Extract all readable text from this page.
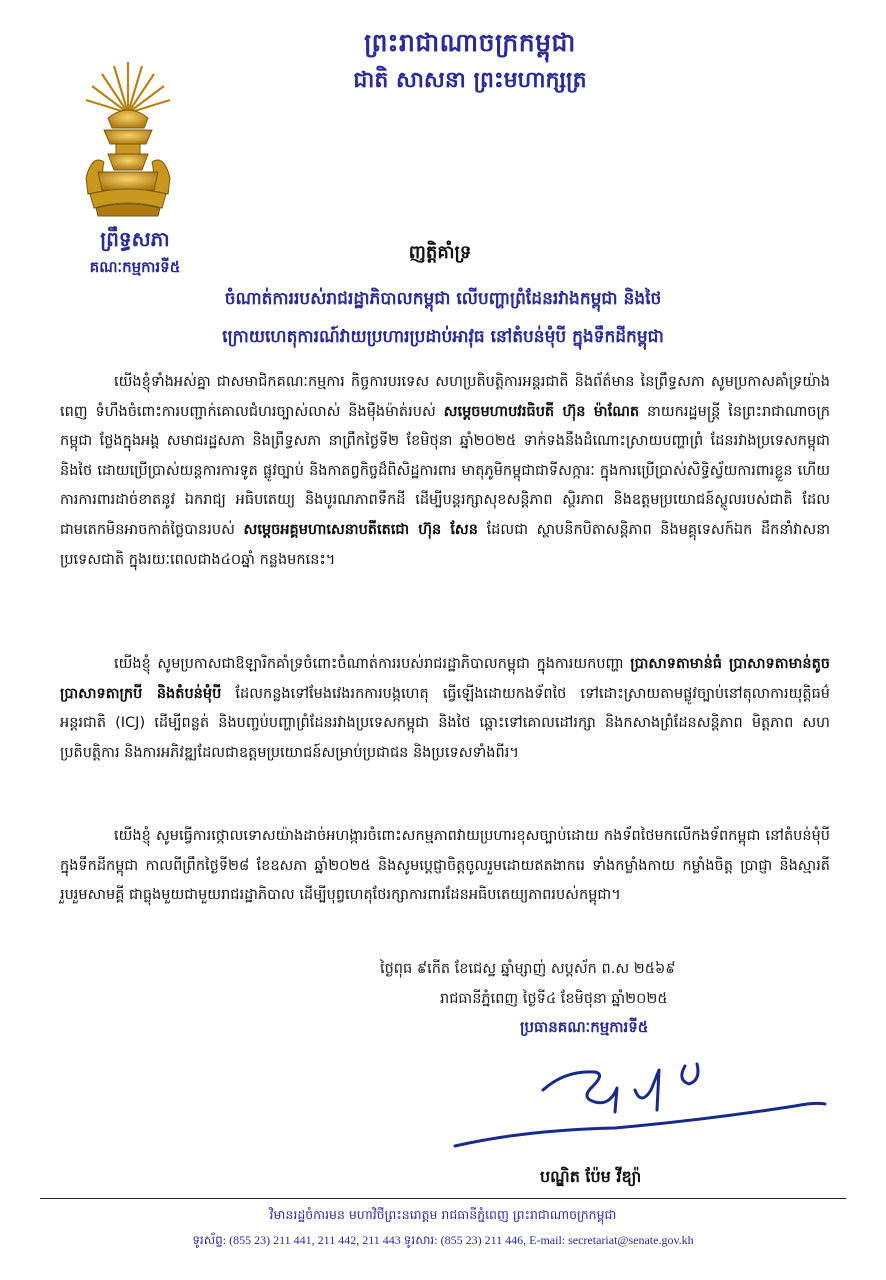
ព្រះរាជាណាចក្រកម្ពុជា
ជាតិ សាសនា ព្រះមហាក្សត្រ
ព្រឹទ្ធសភា
គណៈកម្មការទី៥
ញត្តិគាំទ្រ
ចំណាត់ការរបស់រាជរដ្ឋាភិបាលកម្ពុជា លើបញ្ហាព្រំដែនរវាងកម្ពុជា និងថៃ
ក្រោយហេតុការណ៍វាយប្រហារប្រដាប់អាវុធ នៅតំបន់មុំបី ក្នុងទឹកដីកម្ពុជា
យើងខ្ញុំទាំងអស់គ្នា ជាសមាជិកគណៈកម្មការ កិច្ចការបរទេស សហប្រតិបត្តិការអន្តរជាតិ និងព័ត៌មាន នៃព្រឹទ្ធសភា សូមប្រកាសគាំទ្រយ៉ាងពេញ ទំហឹងចំពោះការបញ្ជាក់គោលជំហរច្បាស់លាស់ និងម៉ឺងម៉ាត់របស់ សម្តេចមហាបវរធិបតី ហ៊ុន ម៉ាណែត នាយករដ្ឋមន្ត្រី នៃព្រះរាជាណាចក្រកម្ពុជា ថ្លែងក្នុងអង្គ សមាជរដ្ឋសភា និងព្រឹទ្ធសភា នាព្រឹកថ្ងៃទី២ ខែមិថុនា ឆ្នាំ២០២៥ ទាក់ទងនឹងដំណោះស្រាយបញ្ហាព្រំ ដែនរវាងប្រទេសកម្ពុជា និងថៃ ដោយប្រើប្រាស់យន្តការការទូត ផ្លូវច្បាប់ និងកាតព្វកិច្ចដ៏ពិសិដ្ឋការពារ មាតុភូមិកម្ពុជាជាទីសក្ការៈ ក្នុងការប្រើប្រាស់សិទ្ធិស្វ័យការពារខ្លួន ហើយការការពារដាច់ខាតនូវ ឯករាជ្យ អធិបតេយ្យ និងបូរណភាពទឹកដី ដើម្បីបន្តរក្សាសុខសន្តិភាព ស្ថិរភាព និងឧត្តមប្រយោជន៍ស្ថូលរបស់ជាតិ ដែលជាមតេកមិនអាចកាត់ថ្លៃបានរបស់ សម្តេចអគ្គមហាសេនាបតីតេជោ ហ៊ុន សែន ដែលជា ស្ថាបនិកបិតាសន្តិភាព និងមគ្គុទេសក៍ឯក ដឹកនាំវាសនាប្រទេសជាតិ ក្នុងរយៈពេលជាង៤០ឆ្នាំ កន្លងមកនេះ។
យើងខ្ញុំ សូមប្រកាសជាឱឡារិកគាំទ្រចំពោះចំណាត់ការរបស់រាជរដ្ឋាភិបាលកម្ពុជា ក្នុងការយកបញ្ហា ប្រាសាទតាមាន់ធំ ប្រាសាទតាមាន់តូច ប្រាសាទតាក្របី និងតំបន់មុំបី ដែលកន្លងទៅមែងវេងរកការបង្កហេតុ ធ្វើឡើងដោយកងទ័ពថៃ ទៅដោះស្រាយតាមផ្លូវច្បាប់នៅតុលាការយុត្តិធម៌អន្តរជាតិ (ICJ) ដើម្បីពន្លត់ និងបញ្ចប់បញ្ហាព្រំដែនរវាងប្រទេសកម្ពុជា និងថៃ ឆ្ពោះទៅគោលដៅរក្សា និងកសាងព្រំដែនសន្តិភាព មិត្តភាព សហប្រតិបត្តិការ និងការអភិវឌ្ឍដែលជាឧត្តមប្រយោជន៍សម្រាប់ប្រជាជន និងប្រទេសទាំងពីរ។
យើងខ្ញុំ សូមធ្វើការថ្កោលទោសយ៉ាងដាច់អហង្ការចំពោះសកម្មភាពវាយប្រហារខុសច្បាប់ដោយ កងទ័ពថៃមកលើកងទ័ពកម្ពុជា នៅតំបន់មុំបីក្នុងទឹកដីកម្ពុជា កាលពីព្រឹកថ្ងៃទី២៨ ខែឧសភា ឆ្នាំ២០២៥ និងសូមប្តេជ្ញាចិត្តចូលរួមដោយឥតងាករេ ទាំងកម្លាំងកាយ កម្លាំងចិត្ត ប្រាជ្ញា និងស្មារតី រួបរួមសាមគ្គី ជាធ្លុងមួយជាមួយរាជរដ្ឋាភិបាល ដើម្បីបុព្វហេតុថែរក្សាការពារដែនអធិបតេយ្យភាពរបស់កម្ពុជា។
ថ្ងៃពុធ ៩កើត ខែជេស្ឋ ឆ្នាំម្សាញ់ សប្តស័ក ព.ស ២៥៦៩
រាជធានីភ្នំពេញ ថ្ងៃទី៤ ខែមិថុនា ឆ្នាំ២០២៥
ប្រធានគណៈកម្មការទី៥
បណ្ឌិត ប៉ែម វីឌ្យ៉ា
វិមានរដ្ឋចំការមន មហាវិថីព្រះនរោត្តម រាជធានីភ្នំពេញ ព្រះរាជាណាចក្រកម្ពុជា
ទូរស័ព្ទ: (855 23) 211 441, 211 442, 211 443 ទូរសារ: (855 23) 211 446, E-mail: secretariat@senate.gov.kh
